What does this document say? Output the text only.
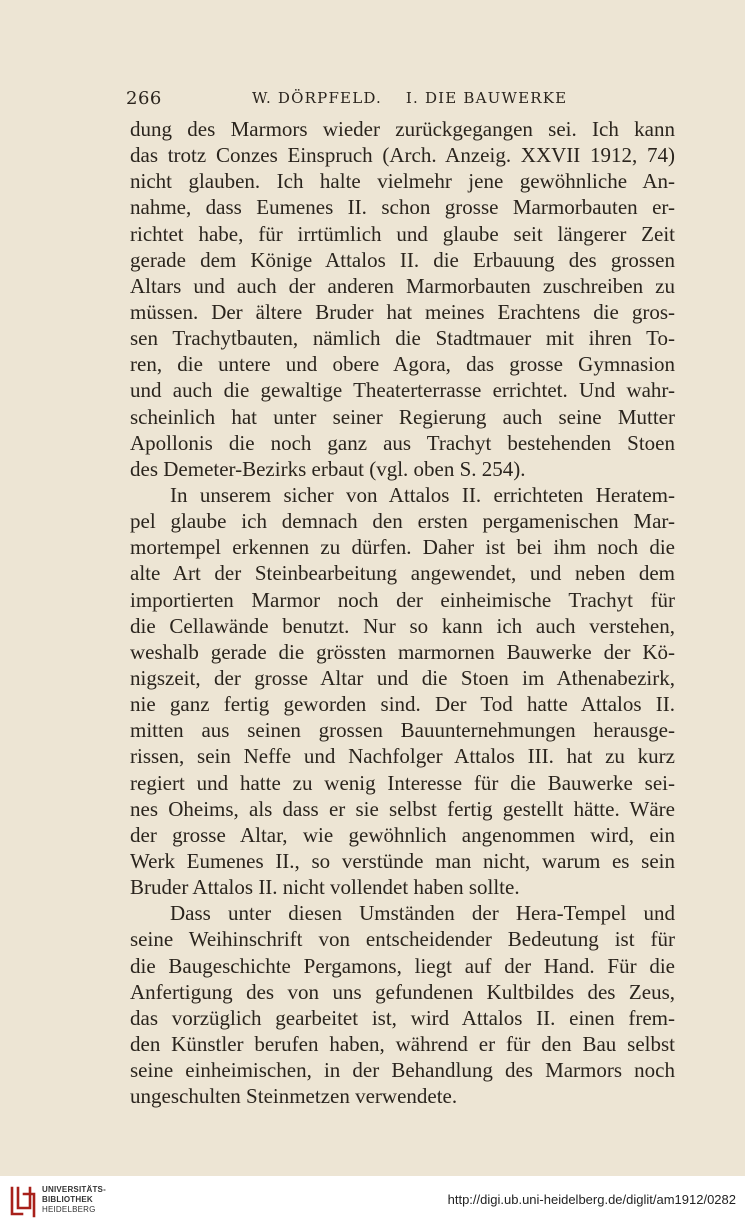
266	W. DÖRPFELD.    I. DIE BAUWERKE
dung des Marmors wieder zurückgegangen sei. Ich kann
das trotz Conzes Einspruch (Arch. Anzeig. XXVII 1912, 74)
nicht glauben. Ich halte vielmehr jene gewöhnliche An-
nahme, dass Eumenes II. schon grosse Marmorbauten er-
richtet habe, für irrtümlich und glaube seit längerer Zeit
gerade dem Könige Attalos II. die Erbauung des grossen
Altars und auch der anderen Marmorbauten zuschreiben zu
müssen. Der ältere Bruder hat meines Erachtens die gros-
sen Trachytbauten, nämlich die Stadtmauer mit ihren To-
ren, die untere und obere Agora, das grosse Gymnasion
und auch die gewaltige Theaterterrasse errichtet. Und wahr-
scheinlich hat unter seiner Regierung auch seine Mutter
Apollonis die noch ganz aus Trachyt bestehenden Stoen
des Demeter-Bezirks erbaut (vgl. oben S. 254).
In unserem sicher von Attalos II. errichteten Heratem-
pel glaube ich demnach den ersten pergamenischen Mar-
mortempel erkennen zu dürfen. Daher ist bei ihm noch die
alte Art der Steinbearbeitung angewendet, und neben dem
importierten Marmor noch der einheimische Trachyt für
die Cellawände benutzt. Nur so kann ich auch verstehen,
weshalb gerade die grössten marmornen Bauwerke der Kö-
nigszeit, der grosse Altar und die Stoen im Athenabezirk,
nie ganz fertig geworden sind. Der Tod hatte Attalos II.
mitten aus seinen grossen Bauunternehmungen herausge-
rissen, sein Neffe und Nachfolger Attalos III. hat zu kurz
regiert und hatte zu wenig Interesse für die Bauwerke sei-
nes Oheims, als dass er sie selbst fertig gestellt hätte. Wäre
der grosse Altar, wie gewöhnlich angenommen wird, ein
Werk Eumenes II., so verstünde man nicht, warum es sein
Bruder Attalos II. nicht vollendet haben sollte.
Dass unter diesen Umständen der Hera-Tempel und
seine Weihinschrift von entscheidender Bedeutung ist für
die Baugeschichte Pergamons, liegt auf der Hand. Für die
Anfertigung des von uns gefundenen Kultbildes des Zeus,
das vorzüglich gearbeitet ist, wird Attalos II. einen frem-
den Künstler berufen haben, während er für den Bau selbst
seine einheimischen, in der Behandlung des Marmors noch
ungeschulten Steinmetzen verwendete.
UNIVERSITÄTS-
BIBLIOTHEK
HEIDELBERG
http://digi.ub.uni-heidelberg.de/diglit/am1912/0282
